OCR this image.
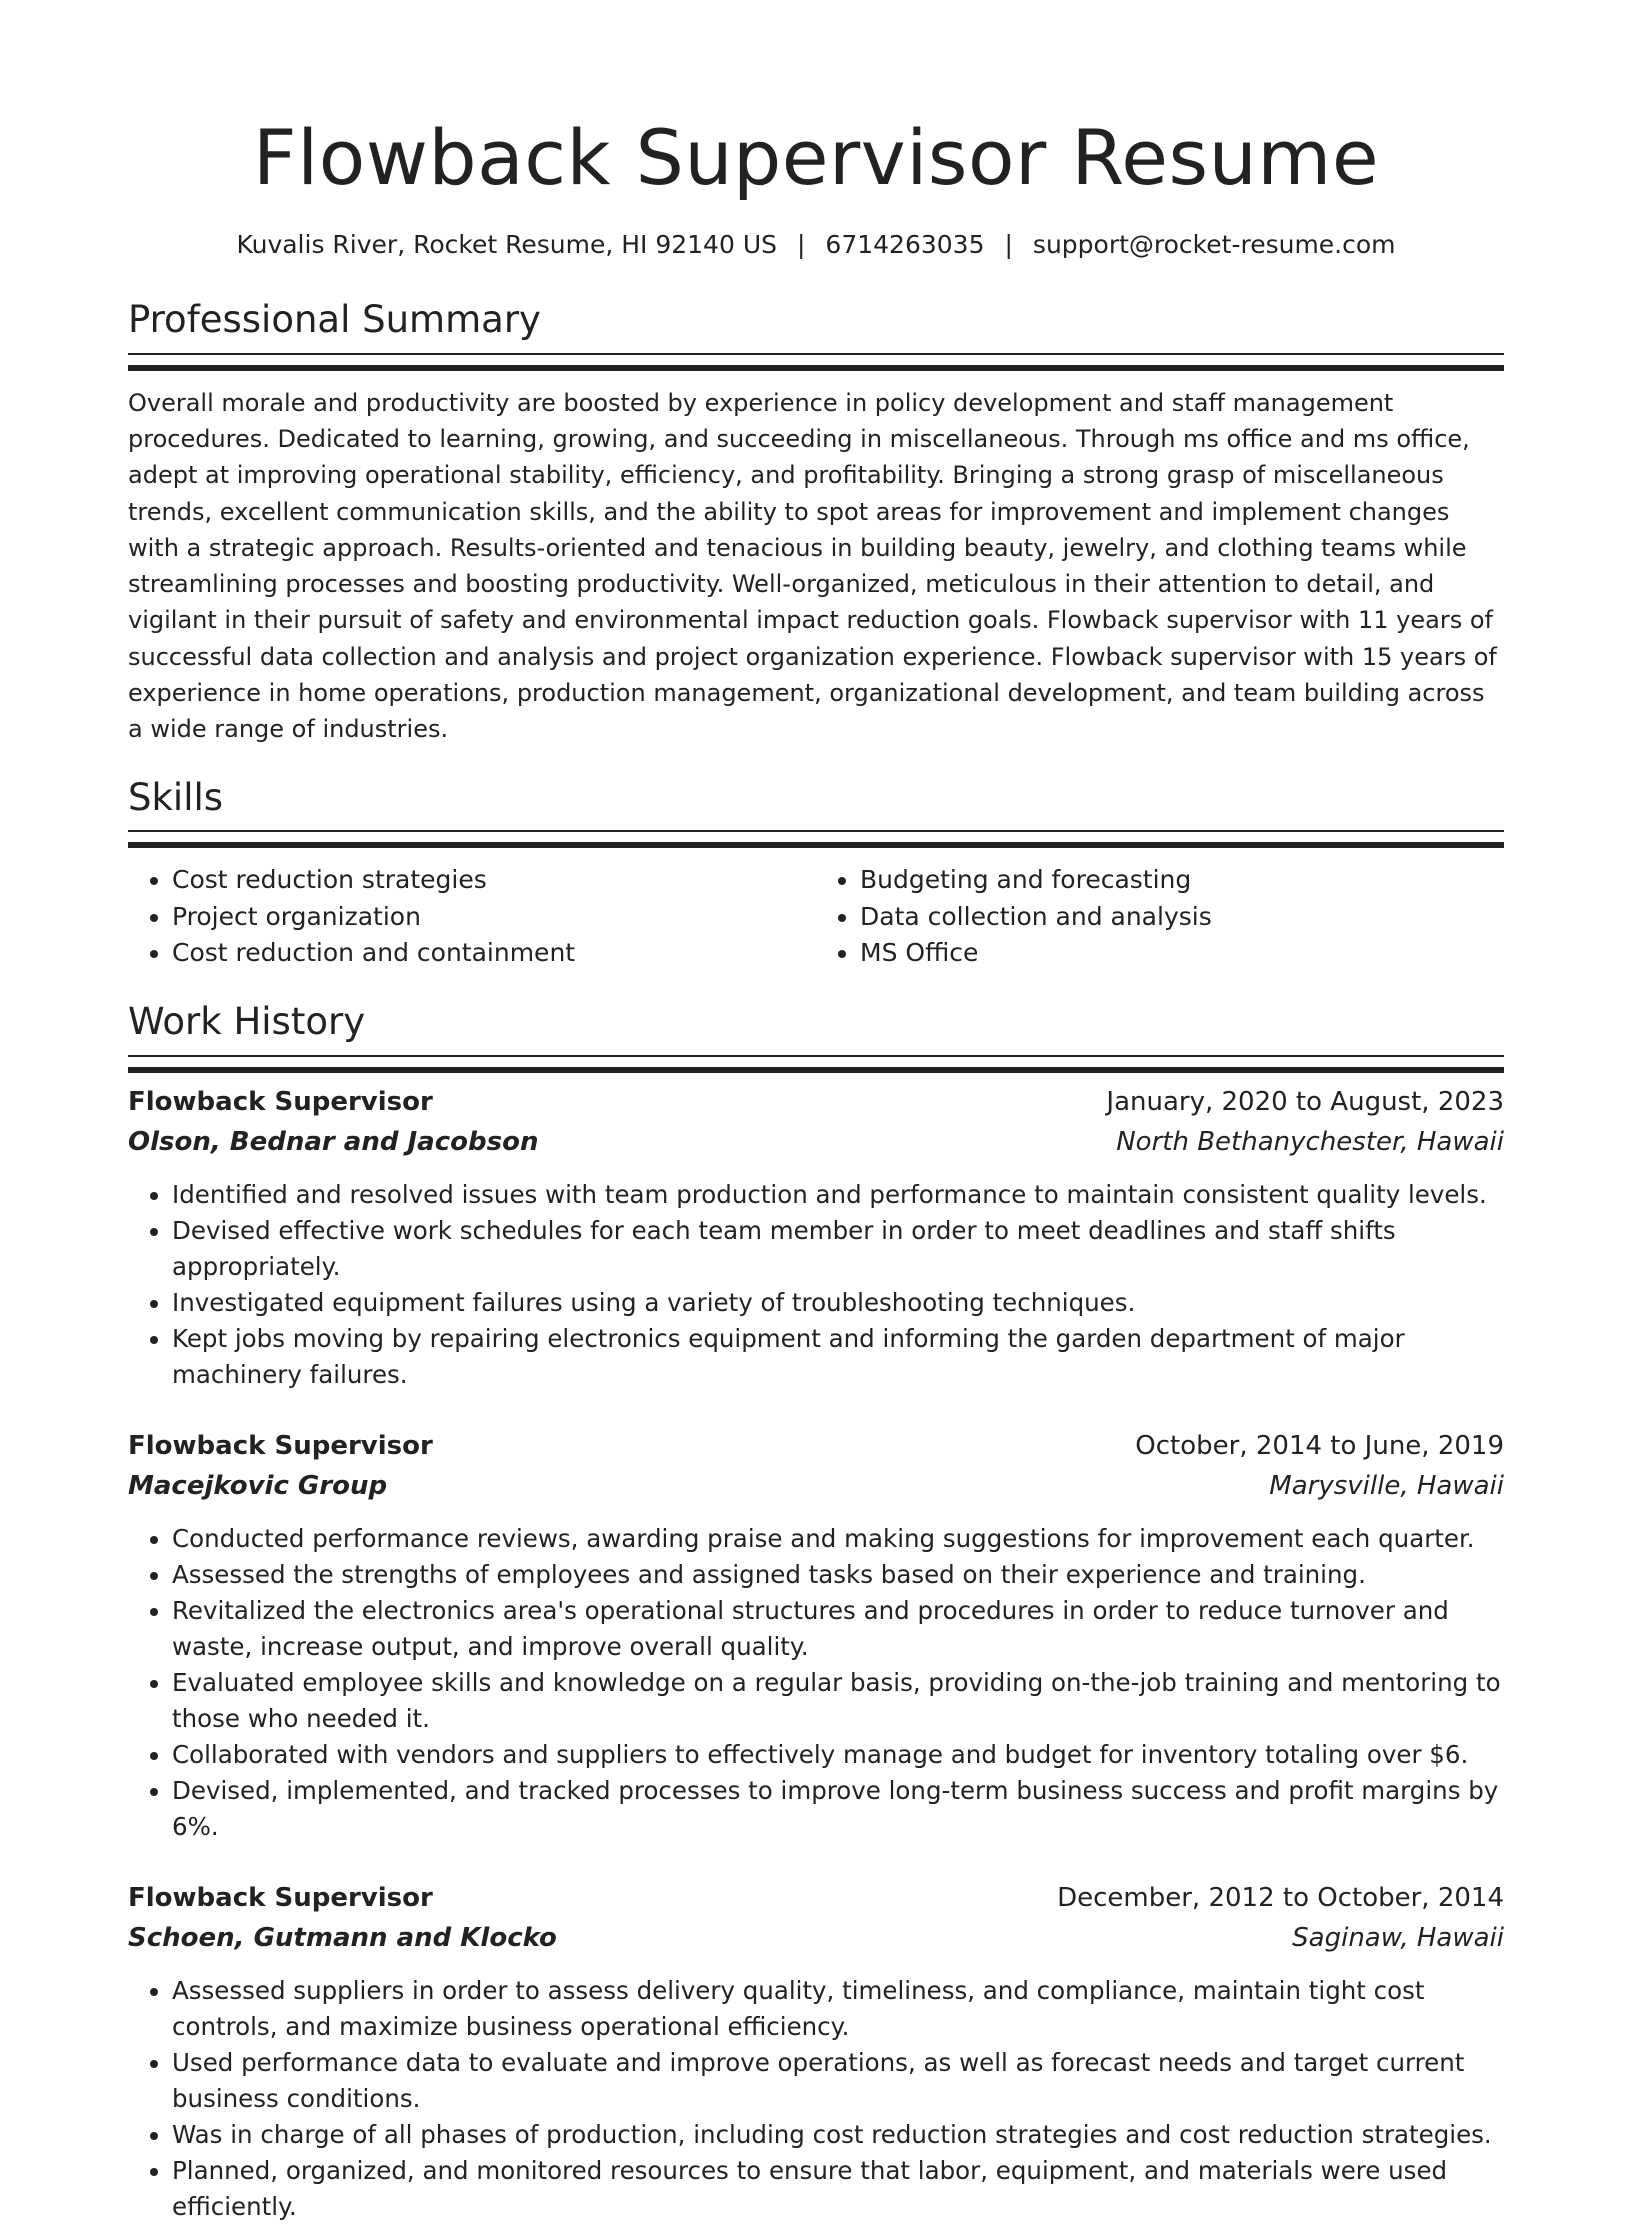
Flowback Supervisor Resume
Kuvalis River, Rocket Resume, HI 92140 US | 6714263035 | support@rocket-resume.com
Professional Summary

Overall morale and productivity are boosted by experience in policy development and staff management procedures. Dedicated to learning, growing, and succeeding in miscellaneous. Through ms office and ms office, adept at improving operational stability, efficiency, and profitability. Bringing a strong grasp of miscellaneous trends, excellent communication skills, and the ability to spot areas for improvement and implement changes with a strategic approach. Results-oriented and tenacious in building beauty, jewelry, and clothing teams while streamlining processes and boosting productivity. Well-organized, meticulous in their attention to detail, and vigilant in their pursuit of safety and environmental impact reduction goals. Flowback supervisor with 11 years of successful data collection and analysis and project organization experience. Flowback supervisor with 15 years of experience in home operations, production management, organizational development, and team building across a wide range of industries.

Skills
• Cost reduction strategies
• Project organization
• Cost reduction and containment
• Budgeting and forecasting
• Data collection and analysis
• MS Office
Work History
Flowback Supervisor	January, 2020 to August, 2023
Olson, Bednar and Jacobson	North Bethanychester, Hawaii
• Identified and resolved issues with team production and performance to maintain consistent quality levels.
• Devised effective work schedules for each team member in order to meet deadlines and staff shifts appropriately.
• Investigated equipment failures using a variety of troubleshooting techniques.
• Kept jobs moving by repairing electronics equipment and informing the garden department of major machinery failures.
Flowback Supervisor	October, 2014 to June, 2019
Macejkovic Group	Marysville, Hawaii
• Conducted performance reviews, awarding praise and making suggestions for improvement each quarter.
• Assessed the strengths of employees and assigned tasks based on their experience and training.
• Revitalized the electronics area's operational structures and procedures in order to reduce turnover and waste, increase output, and improve overall quality.
• Evaluated employee skills and knowledge on a regular basis, providing on-the-job training and mentoring to those who needed it.
• Collaborated with vendors and suppliers to effectively manage and budget for inventory totaling over $6.
• Devised, implemented, and tracked processes to improve long-term business success and profit margins by 6%.
Flowback Supervisor	December, 2012 to October, 2014
Schoen, Gutmann and Klocko	Saginaw, Hawaii
• Assessed suppliers in order to assess delivery quality, timeliness, and compliance, maintain tight cost controls, and maximize business operational efficiency.
• Used performance data to evaluate and improve operations, as well as forecast needs and target current business conditions.
• Was in charge of all phases of production, including cost reduction strategies and cost reduction strategies.
• Planned, organized, and monitored resources to ensure that labor, equipment, and materials were used efficiently.
